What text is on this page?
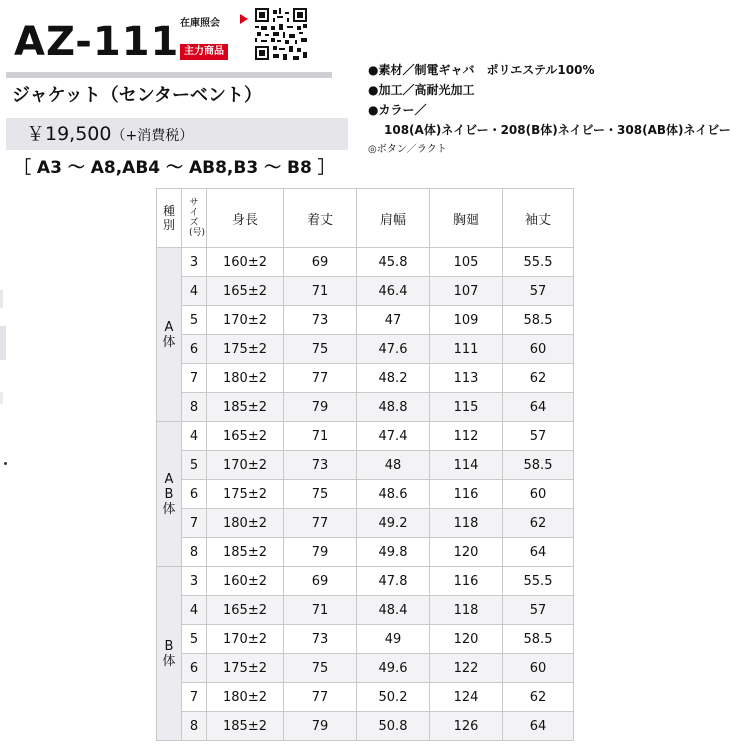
AZ-111 在庫照会
主力商品
ジャケット（センターベント）
￥19,500（+消費税）
［ A3 ～ A8,AB4 ～ AB8,B3 ～ B8 ］
●素材／制電ギャバ　ポリエステル100%
●加工／高耐光加工
●カラー／
108(A体)ネイビー・208(B体)ネイビー・308(AB体)ネイビー
◎ボタン／ラクト
種別	サイズ(号)	身長	着丈	肩幅	胸廻	袖丈
A体	3	160±2	69	45.8	105	55.5
	4	165±2	71	46.4	107	57
	5	170±2	73	47	109	58.5
	6	175±2	75	47.6	111	60
	7	180±2	77	48.2	113	62
	8	185±2	79	48.8	115	64
AB体	4	165±2	71	47.4	112	57
	5	170±2	73	48	114	58.5
	6	175±2	75	48.6	116	60
	7	180±2	77	49.2	118	62
	8	185±2	79	49.8	120	64
B体	3	160±2	69	47.8	116	55.5
	4	165±2	71	48.4	118	57
	5	170±2	73	49	120	58.5
	6	175±2	75	49.6	122	60
	7	180±2	77	50.2	124	62
	8	185±2	79	50.8	126	64
